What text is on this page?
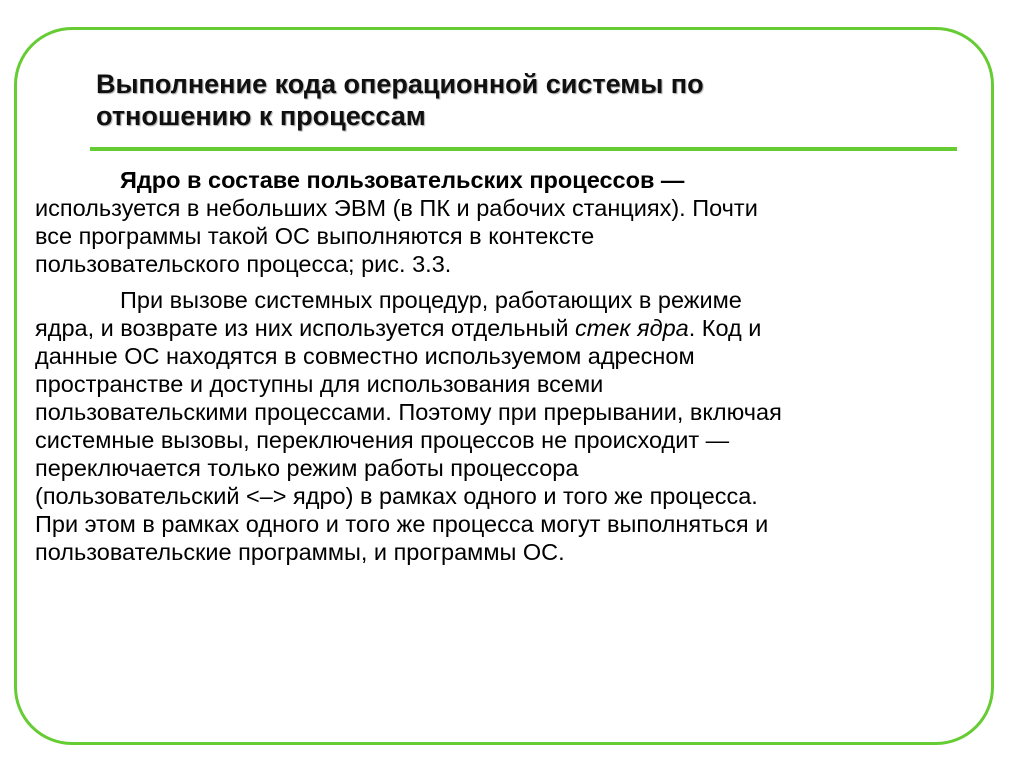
Выполнение кода операционной системы по
отношению к процессам
Ядро в составе пользовательских процессов —
используется в небольших ЭВМ (в ПК и рабочих станциях). Почти
все программы такой ОС выполняются в контексте
пользовательского процесса; рис. 3.3.
При вызове системных процедур, работающих в режиме
ядра, и возврате из них используется отдельный стек ядра. Код и
данные ОС находятся в совместно используемом адресном
пространстве и доступны для использования всеми
пользовательскими процессами. Поэтому при прерывании, включая
системные вызовы, переключения процессов не происходит —
переключается только режим работы процессора
(пользовательский <–> ядро) в рамках одного и того же процесса.
При этом в рамках одного и того же процесса могут выполняться и
пользовательские программы, и программы ОС.
